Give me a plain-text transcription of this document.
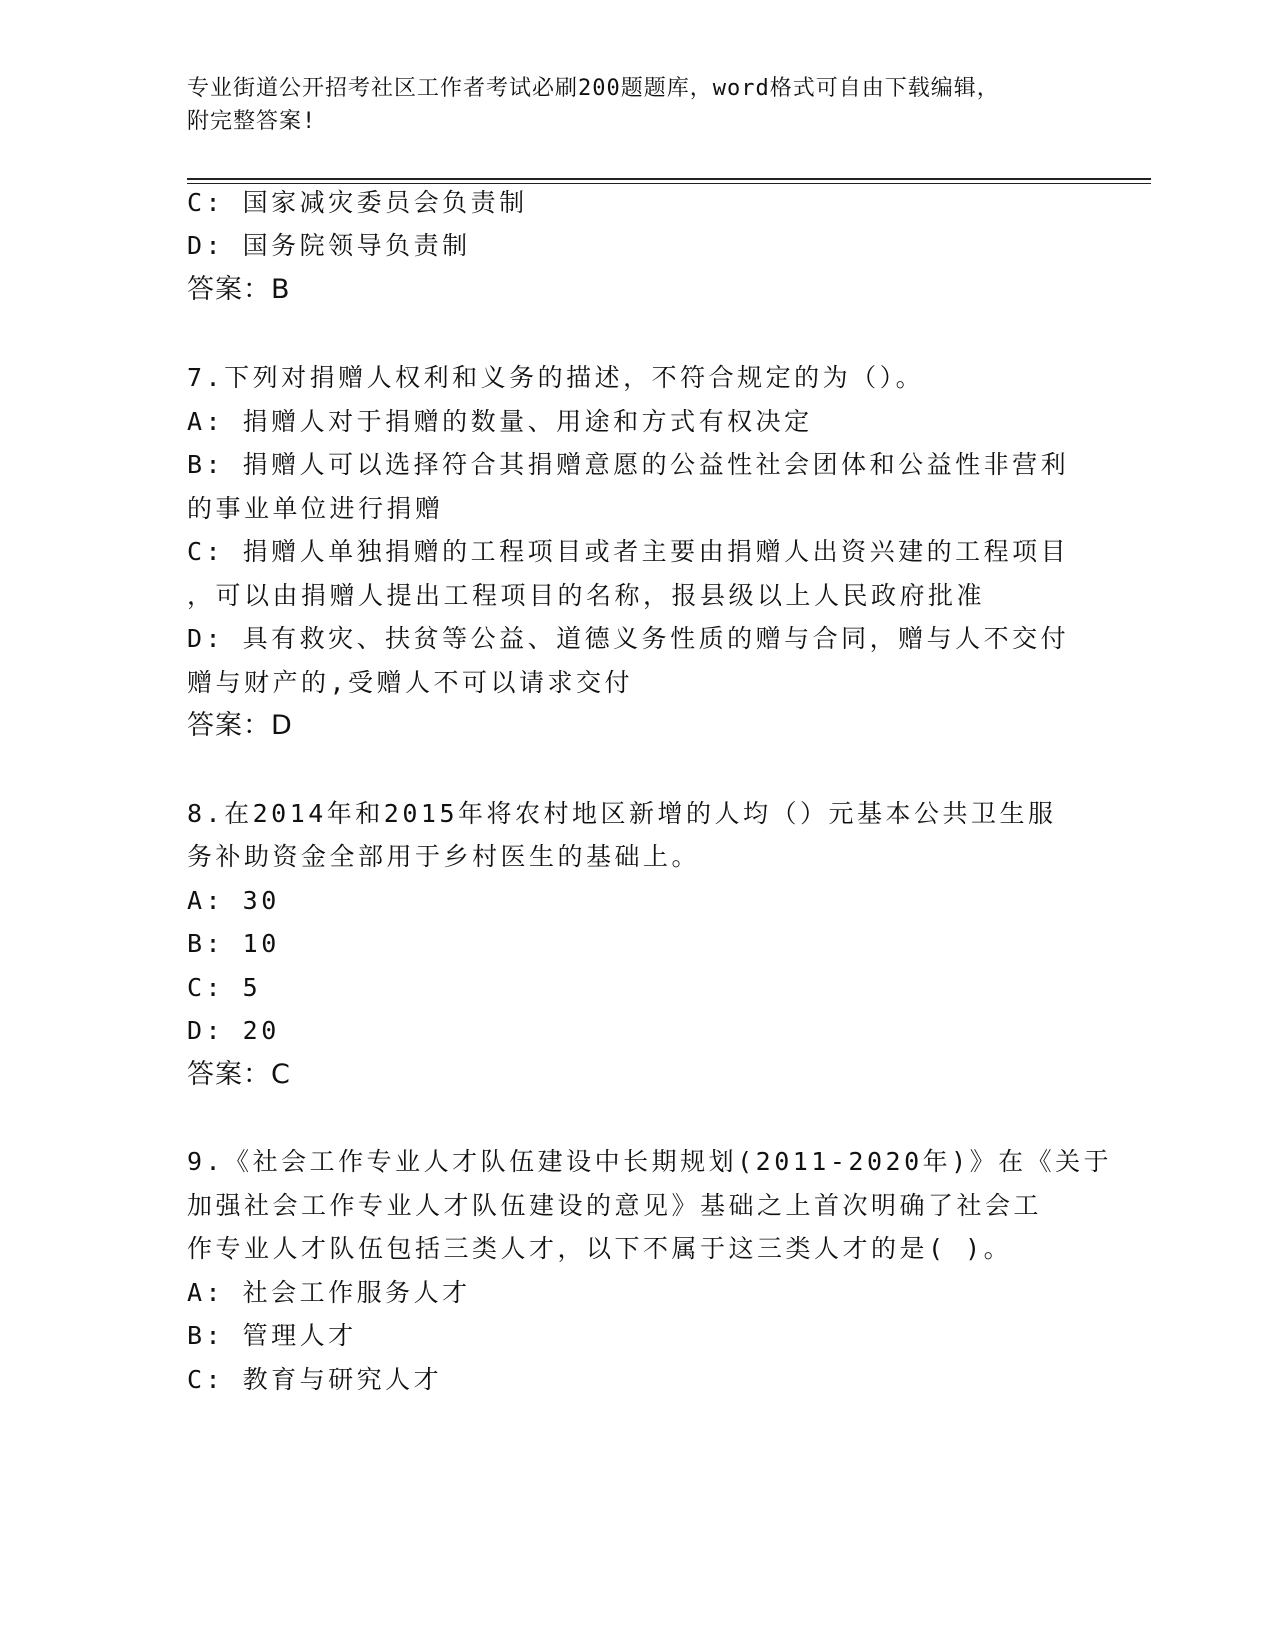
专业街道公开招考社区工作者考试必刷200题题库，word格式可自由下载编辑，
附完整答案!
C: 国家减灾委员会负责制
D: 国务院领导负责制
答案：B
7.下列对捐赠人权利和义务的描述，不符合规定的为（）。
A: 捐赠人对于捐赠的数量、用途和方式有权决定
B: 捐赠人可以选择符合其捐赠意愿的公益性社会团体和公益性非营利
的事业单位进行捐赠
C: 捐赠人单独捐赠的工程项目或者主要由捐赠人出资兴建的工程项目
，可以由捐赠人提出工程项目的名称，报县级以上人民政府批准
D: 具有救灾、扶贫等公益、道德义务性质的赠与合同，赠与人不交付
赠与财产的,受赠人不可以请求交付
答案：D
8.在2014年和2015年将农村地区新增的人均（）元基本公共卫生服
务补助资金全部用于乡村医生的基础上。
A: 30
B: 10
C: 5
D: 20
答案：C
9.《社会工作专业人才队伍建设中长期规划(2011-2020年)》在《关于
加强社会工作专业人才队伍建设的意见》基础之上首次明确了社会工
作专业人才队伍包括三类人才，以下不属于这三类人才的是( )。
A: 社会工作服务人才
B: 管理人才
C: 教育与研究人才
